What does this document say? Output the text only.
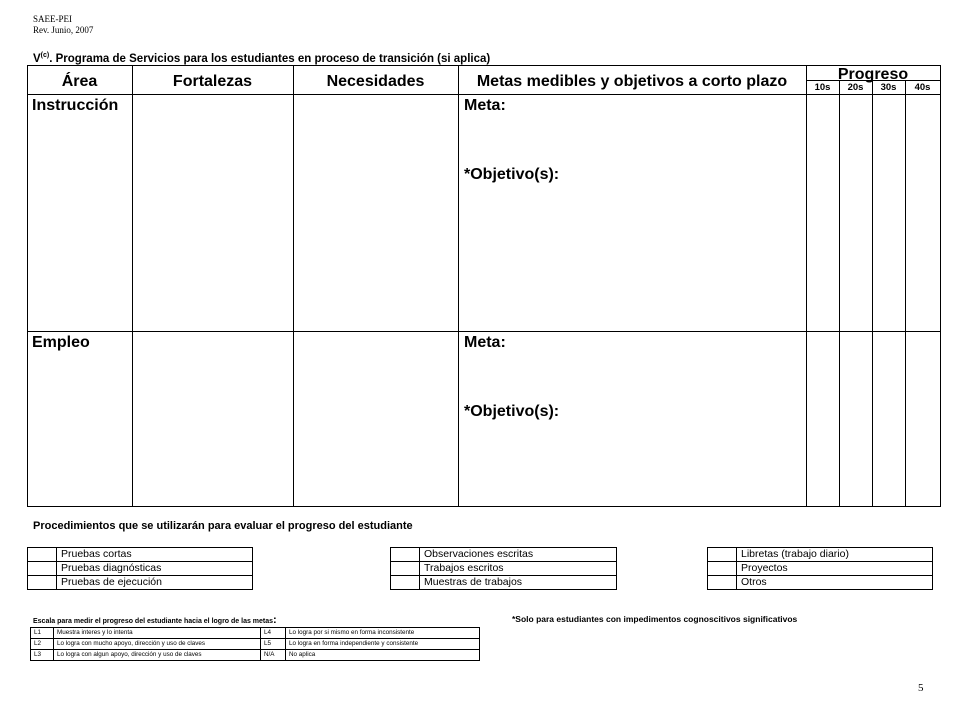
SAEE-PEI
Rev. Junio, 2007
$V^{(c)}$. Programa de Servicios para los estudiantes en proceso de transición (si aplica)
Área	Fortalezas	Necesidades	Metas medibles y objetivos a corto plazo	Progreso
10s	20s	30s	40s
Instrucción	Meta:
*Objetivo(s):
Empleo	Meta:
*Objetivo(s):
Procedimientos que se utilizarán para evaluar el progreso del estudiante
	Pruebas cortas
	Pruebas diagnósticas
	Pruebas de ejecución
	Observaciones escritas
	Trabajos escritos
	Muestras de trabajos
	Libretas (trabajo diario)
	Proyectos
	Otros
Escala para medir el progreso del estudiante hacia el logro de las metas:
L1	Muestra interes y lo intenta	L4	Lo logra por si mismo en forma inconsistente
L2	Lo logra con mucho apoyo, dirección y uso de claves	L5	Lo logra en forma independiente y consistente
L3	Lo logra con algun apoyo, dirección y uso de claves	N/A	No aplica
*Solo para estudiantes con impedimentos cognoscitivos significativos
5
